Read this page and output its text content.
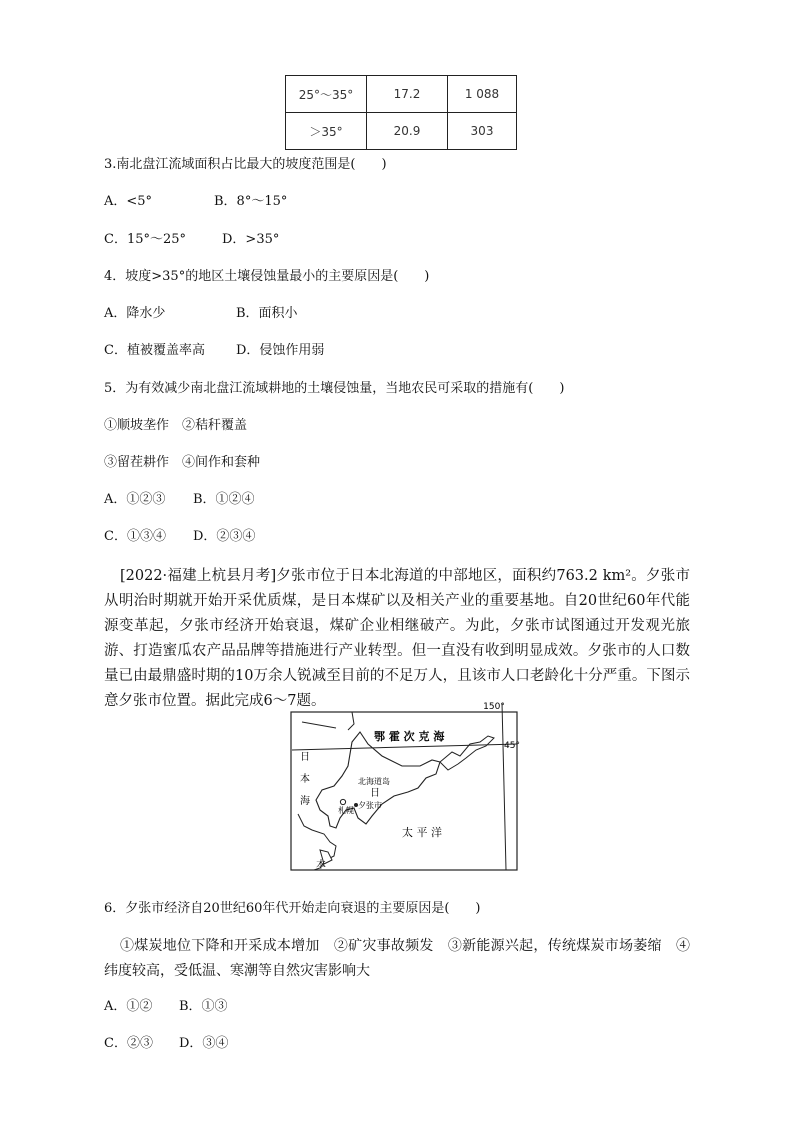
25°～35°	17.2	1 088
＞35°	20.9	303
3.南北盘江流域面积占比最大的坡度范围是(　　)
A．<5°	B．8°～15°
C．15°～25°	D．>35°
4．坡度>35°的地区土壤侵蚀量最小的主要原因是(　　)
A．降水少	B．面积小
C．植被覆盖率高 D．侵蚀作用弱
5．为有效减少南北盘江流域耕地的土壤侵蚀量，当地农民可采取的措施有(　　)
①顺坡垄作　②秸秆覆盖
③留茬耕作　④间作和套种
A．①②③ B．①②④
C．①③④ D．②③④
[2022·福建上杭县月考]夕张市位于日本北海道的中部地区，面积约763.2 km²。夕张市从明治时期就开始开采优质煤，是日本煤矿以及相关产业的重要基地。自20世纪60年代能源变革起，夕张市经济开始衰退，煤矿企业相继破产。为此，夕张市试图通过开发观光旅游、打造蜜瓜农产品品牌等措施进行产业转型。但一直没有收到明显成效。夕张市的人口数量已由最鼎盛时期的10万余人锐减至目前的不足万人，且该市人口老龄化十分严重。下图示意夕张市位置。据此完成6～7题。	150°
45°
鄂 霍 次 克 海
日
本
海
北海道岛
日
夕张市
札幌
太 平 洋
本
6．夕张市经济自20世纪60年代开始走向衰退的主要原因是(　　)
①煤炭地位下降和开采成本增加　②矿灾事故频发　③新能源兴起，传统煤炭市场萎缩　④纬度较高，受低温、寒潮等自然灾害影响大
A．①② B．①③
C．②③ D．③④
